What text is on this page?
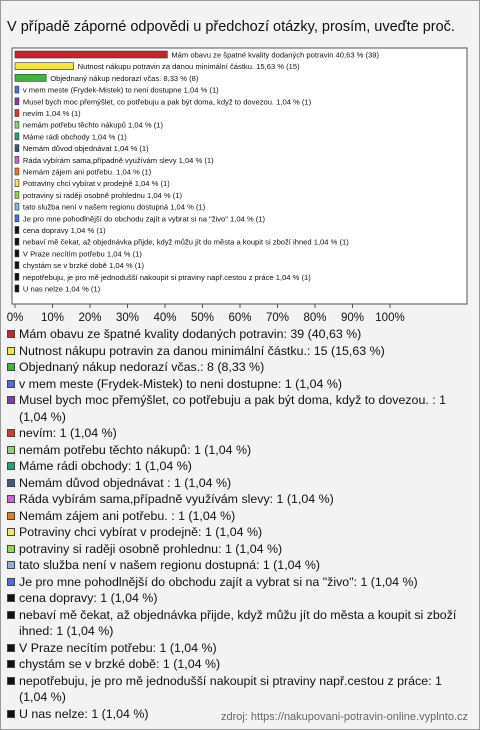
V případě záporné odpovědi u předchozí otázky, prosím, uveďte proč.
Mám obavu ze špatné kvality dodaných potravin 40,63 % (39)
Nutnost nákupu potravin za danou minimální částku. 15,63 % (15)
Objednaný nákup nedorazí včas. 8,33 % (8)
v mem meste (Frydek-Mistek) to neni dostupne 1,04 % (1)
Musel bych moc přemýšlet, co potřebuju a pak být doma, když to dovezou. 1,04 % (1)
nevím 1,04 % (1)
nemám potřebu těchto nákupů 1,04 % (1)
Máme rádi obchody 1,04 % (1)
Nemám důvod objednávat 1,04 % (1)
Ráda vybírám sama,případně využívám slevy 1,04 % (1)
Nemám zájem ani potřebu. 1,04 % (1)
Potraviny chci vybírat v prodejně 1,04 % (1)
potraviny si raději osobně prohlednu 1,04 % (1)
tato služba není v našem regionu dostupná 1,04 % (1)
Je pro mne pohodlnější do obchodu zajít a vybrat si na "živo" 1,04 % (1)
cena dopravy 1,04 % (1)
nebaví mě čekat, až objednávka přijde, když můžu jít do města a koupit si zboží ihned 1,04 % (1)
V Praze necítím potřebu 1,04 % (1)
chystám se v brzké době 1,04 % (1)
nepotřebuju, je pro mě jednodušší nakoupit si ptraviny např.cestou z práce 1,04 % (1)
U nas nelze 1,04 % (1)
0% 10% 20% 30% 40% 50% 60% 70% 80% 90% 100%
Mám obavu ze špatné kvality dodaných potravin: 39 (40,63 %)
Nutnost nákupu potravin za danou minimální částku.: 15 (15,63 %)
Objednaný nákup nedorazí včas.: 8 (8,33 %)
v mem meste (Frydek-Mistek) to neni dostupne: 1 (1,04 %)
Musel bych moc přemýšlet, co potřebuju a pak být doma, když to dovezou. : 1 (1,04 %)
nevím: 1 (1,04 %)
nemám potřebu těchto nákupů: 1 (1,04 %)
Máme rádi obchody: 1 (1,04 %)
Nemám důvod objednávat : 1 (1,04 %)
Ráda vybírám sama,případně využívám slevy: 1 (1,04 %)
Nemám zájem ani potřebu. : 1 (1,04 %)
Potraviny chci vybírat v prodejně: 1 (1,04 %)
potraviny si raději osobně prohlednu: 1 (1,04 %)
tato služba není v našem regionu dostupná: 1 (1,04 %)
Je pro mne pohodlnější do obchodu zajít a vybrat si na "živo": 1 (1,04 %)
cena dopravy: 1 (1,04 %)
nebaví mě čekat, až objednávka přijde, když můžu jít do města a koupit si zboží ihned: 1 (1,04 %)
V Praze necítím potřebu: 1 (1,04 %)
chystám se v brzké době: 1 (1,04 %)
nepotřebuju, je pro mě jednodušší nakoupit si ptraviny např.cestou z práce: 1 (1,04 %)
U nas nelze: 1 (1,04 %)	zdroj: https://nakupovani-potravin-online.vyplnto.cz
